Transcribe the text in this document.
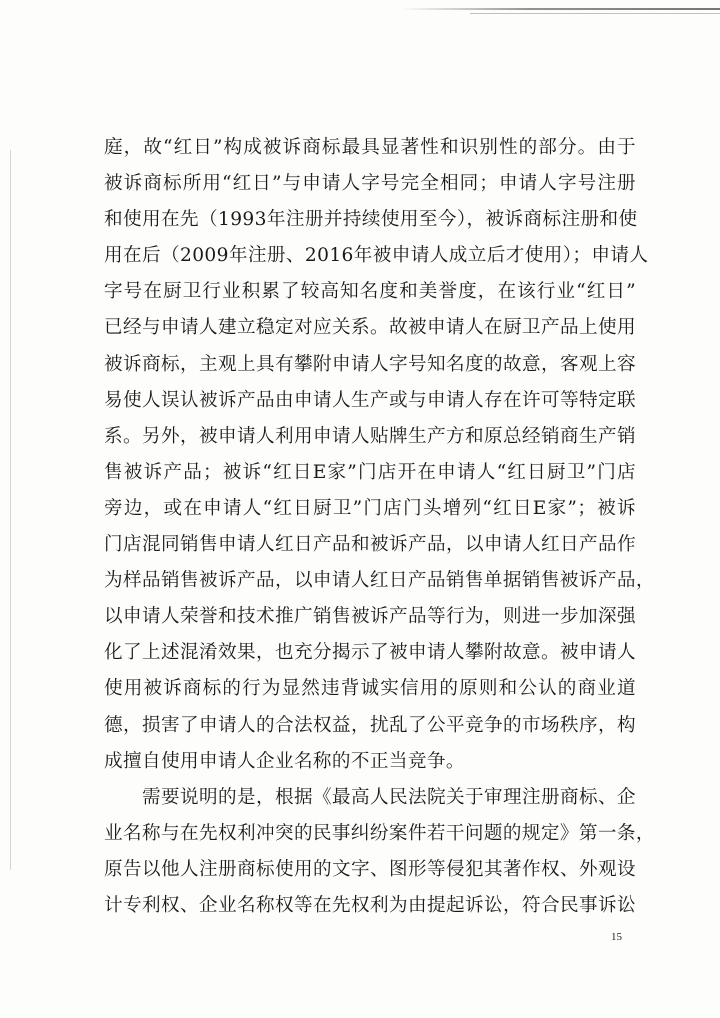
庭，故“红日”构成被诉商标最具显著性和识别性的部分。由于
被诉商标所用“红日”与申请人字号完全相同；申请人字号注册
和使用在先（1993年注册并持续使用至今），被诉商标注册和使
用在后（2009年注册、2016年被申请人成立后才使用）；申请人
字号在厨卫行业积累了较高知名度和美誉度，在该行业“红日”
已经与申请人建立稳定对应关系。故被申请人在厨卫产品上使用
被诉商标，主观上具有攀附申请人字号知名度的故意，客观上容
易使人误认被诉产品由申请人生产或与申请人存在许可等特定联
系。另外，被申请人利用申请人贴牌生产方和原总经销商生产销
售被诉产品；被诉“红日E家”门店开在申请人“红日厨卫”门店
旁边，或在申请人“红日厨卫”门店门头增列“红日E家”；被诉
门店混同销售申请人红日产品和被诉产品，以申请人红日产品作
为样品销售被诉产品，以申请人红日产品销售单据销售被诉产品，
以申请人荣誉和技术推广销售被诉产品等行为，则进一步加深强
化了上述混淆效果，也充分揭示了被申请人攀附故意。被申请人
使用被诉商标的行为显然违背诚实信用的原则和公认的商业道
德，损害了申请人的合法权益，扰乱了公平竞争的市场秩序，构
成擅自使用申请人企业名称的不正当竞争。
需要说明的是，根据《最高人民法院关于审理注册商标、企
业名称与在先权利冲突的民事纠纷案件若干问题的规定》第一条，
原告以他人注册商标使用的文字、图形等侵犯其著作权、外观设
计专利权、企业名称权等在先权利为由提起诉讼，符合民事诉讼
15
